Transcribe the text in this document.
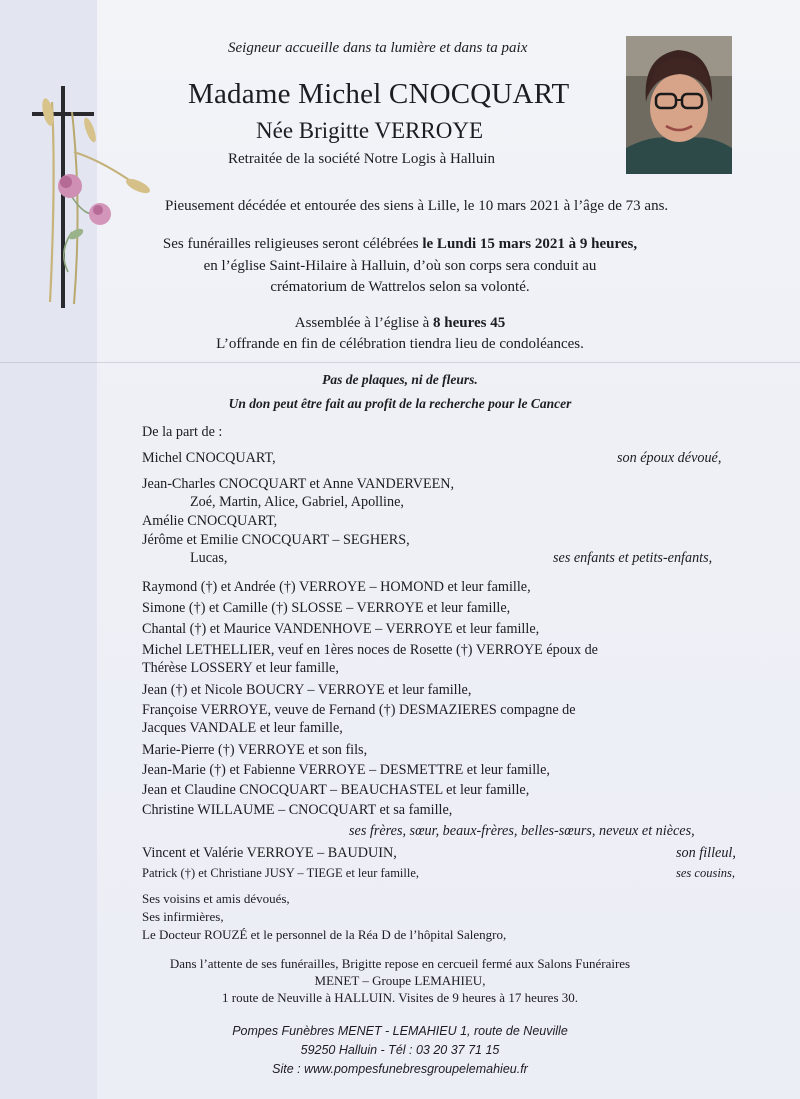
Seigneur accueille dans ta lumière et dans ta paix
Madame Michel CNOCQUART
Née Brigitte VERROYE
Retraitée de la société Notre Logis à Halluin
Pieusement décédée et entourée des siens à Lille, le 10 mars 2021 à l’âge de 73 ans.
Ses funérailles religieuses seront célébrées le Lundi 15 mars 2021 à 9 heures,
en l’église Saint-Hilaire à Halluin, d’où son corps sera conduit au
crématorium de Wattrelos selon sa volonté.
Assemblée à l’église à 8 heures 45
L’offrande en fin de célébration tiendra lieu de condoléances.
Pas de plaques, ni de fleurs.
Un don peut être fait au profit de la recherche pour le Cancer
De la part de :
Michel CNOCQUART,	son époux dévoué,
Jean-Charles CNOCQUART et Anne VANDERVEEN,
Zoé, Martin, Alice, Gabriel, Apolline,
Amélie CNOCQUART,
Jérôme et Emilie CNOCQUART – SEGHERS,
Lucas,	ses enfants et petits-enfants,
Raymond (†) et Andrée (†) VERROYE – HOMOND et leur famille,
Simone (†) et Camille (†) SLOSSE – VERROYE et leur famille,
Chantal (†) et Maurice VANDENHOVE – VERROYE et leur famille,
Michel LETHELLIER, veuf en 1ères noces de Rosette (†) VERROYE époux de
Thérèse LOSSERY et leur famille,
Jean (†) et Nicole BOUCRY – VERROYE et leur famille,
Françoise VERROYE, veuve de Fernand (†) DESMAZIERES compagne de
Jacques VANDALE et leur famille,
Marie-Pierre (†) VERROYE et son fils,
Jean-Marie (†) et Fabienne VERROYE – DESMETTRE et leur famille,
Jean et Claudine CNOCQUART – BEAUCHASTEL et leur famille,
Christine WILLAUME – CNOCQUART et sa famille,
ses frères, sœur, beaux-frères, belles-sœurs, neveux et nièces,
Vincent et Valérie VERROYE – BAUDUIN,	son filleul,
Patrick (†) et Christiane JUSY – TIEGE et leur famille,	ses cousins,
Ses voisins et amis dévoués,
Ses infirmières,
Le Docteur ROUZÉ et le personnel de la Réa D de l’hôpital Salengro,
Dans l’attente de ses funérailles, Brigitte repose en cercueil fermé aux Salons Funéraires
MENET – Groupe LEMAHIEU,
1 route de Neuville à HALLUIN. Visites de 9 heures à 17 heures 30.
Pompes Funèbres MENET - LEMAHIEU 1, route de Neuville
59250 Halluin - Tél : 03 20 37 71 15
Site : www.pompesfunebresgroupelemahieu.fr
